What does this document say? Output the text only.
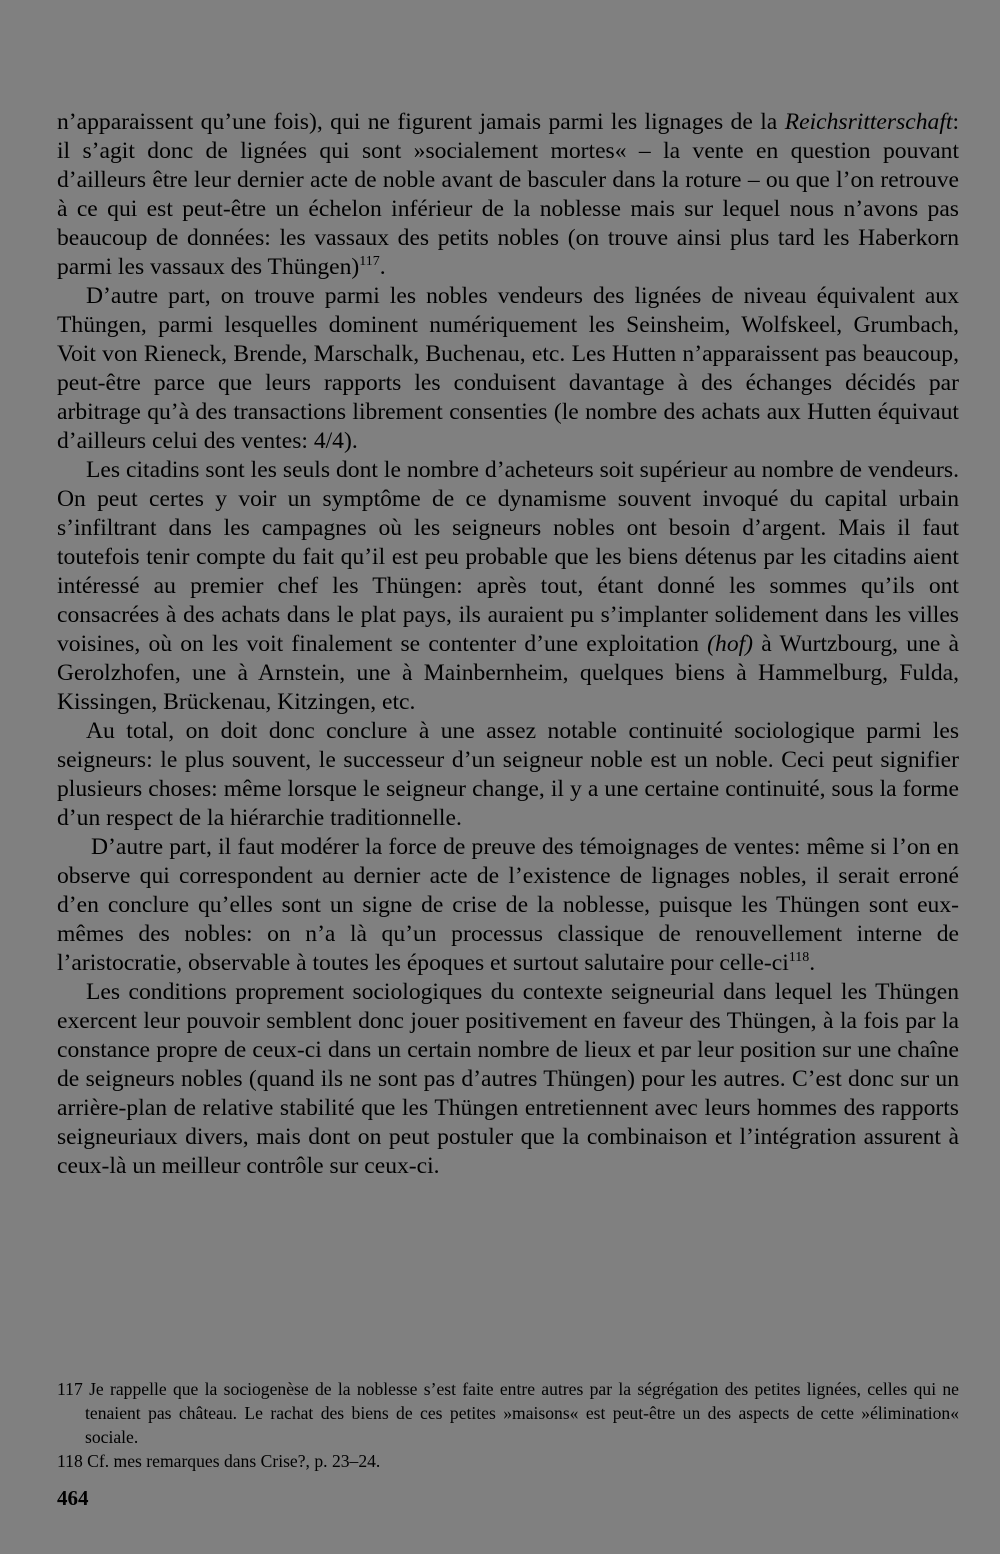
n’apparaissent qu’une fois), qui ne figurent jamais parmi les lignages de la Reichsritterschaft: il s’agit donc de lignées qui sont »socialement mortes« – la vente en question pouvant d’ailleurs être leur dernier acte de noble avant de basculer dans la roture – ou que l’on retrouve à ce qui est peut-être un échelon inférieur de la noblesse mais sur lequel nous n’avons pas beaucoup de données: les vassaux des petits nobles (on trouve ainsi plus tard les Haberkorn parmi les vassaux des Thüngen)$^{117}$.

D’autre part, on trouve parmi les nobles vendeurs des lignées de niveau équivalent aux Thüngen, parmi lesquelles dominent numériquement les Seinsheim, Wolfskeel, Grumbach, Voit von Rieneck, Brende, Marschalk, Buchenau, etc. Les Hutten n’apparaissent pas beaucoup, peut-être parce que leurs rapports les conduisent davantage à des échanges décidés par arbitrage qu’à des transactions librement consenties (le nombre des achats aux Hutten équivaut d’ailleurs celui des ventes: 4/4).

Les citadins sont les seuls dont le nombre d’acheteurs soit supérieur au nombre de vendeurs. On peut certes y voir un symptôme de ce dynamisme souvent invoqué du capital urbain s’infiltrant dans les campagnes où les seigneurs nobles ont besoin d’argent. Mais il faut toutefois tenir compte du fait qu’il est peu probable que les biens détenus par les citadins aient intéressé au premier chef les Thüngen: après tout, étant donné les sommes qu’ils ont consacrées à des achats dans le plat pays, ils auraient pu s’implanter solidement dans les villes voisines, où on les voit finalement se contenter d’une exploitation (hof) à Wurtzbourg, une à Gerolzhofen, une à Arnstein, une à Mainbernheim, quelques biens à Hammelburg, Fulda, Kissingen, Brückenau, Kitzingen, etc.

Au total, on doit donc conclure à une assez notable continuité sociologique parmi les seigneurs: le plus souvent, le successeur d’un seigneur noble est un noble. Ceci peut signifier plusieurs choses: même lorsque le seigneur change, il y a une certaine continuité, sous la forme d’un respect de la hiérarchie traditionnelle.

D’autre part, il faut modérer la force de preuve des témoignages de ventes: même si l’on en observe qui correspondent au dernier acte de l’existence de lignages nobles, il serait erroné d’en conclure qu’elles sont un signe de crise de la noblesse, puisque les Thüngen sont eux-mêmes des nobles: on n’a là qu’un processus classique de renouvellement interne de l’aristocratie, observable à toutes les époques et surtout salutaire pour celle-$ci^{118}$.

Les conditions proprement sociologiques du contexte seigneurial dans lequel les Thüngen exercent leur pouvoir semblent donc jouer positivement en faveur des Thüngen, à la fois par la constance propre de ceux-ci dans un certain nombre de lieux et par leur position sur une chaîne de seigneurs nobles (quand ils ne sont pas d’autres Thüngen) pour les autres. C’est donc sur un arrière-plan de relative stabilité que les Thüngen entretiennent avec leurs hommes des rapports seigneuriaux divers, mais dont on peut postuler que la combinaison et l’intégration assurent à ceux-là un meilleur contrôle sur ceux-ci.

117 Je rappelle que la sociogenèse de la noblesse s’est faite entre autres par la ségrégation des petites lignées, celles qui ne tenaient pas château. Le rachat des biens de ces petites »maisons« est peut-être un des aspects de cette »élimination« sociale.

118 Cf. mes remarques dans Crise?, p. 23–24.

464
